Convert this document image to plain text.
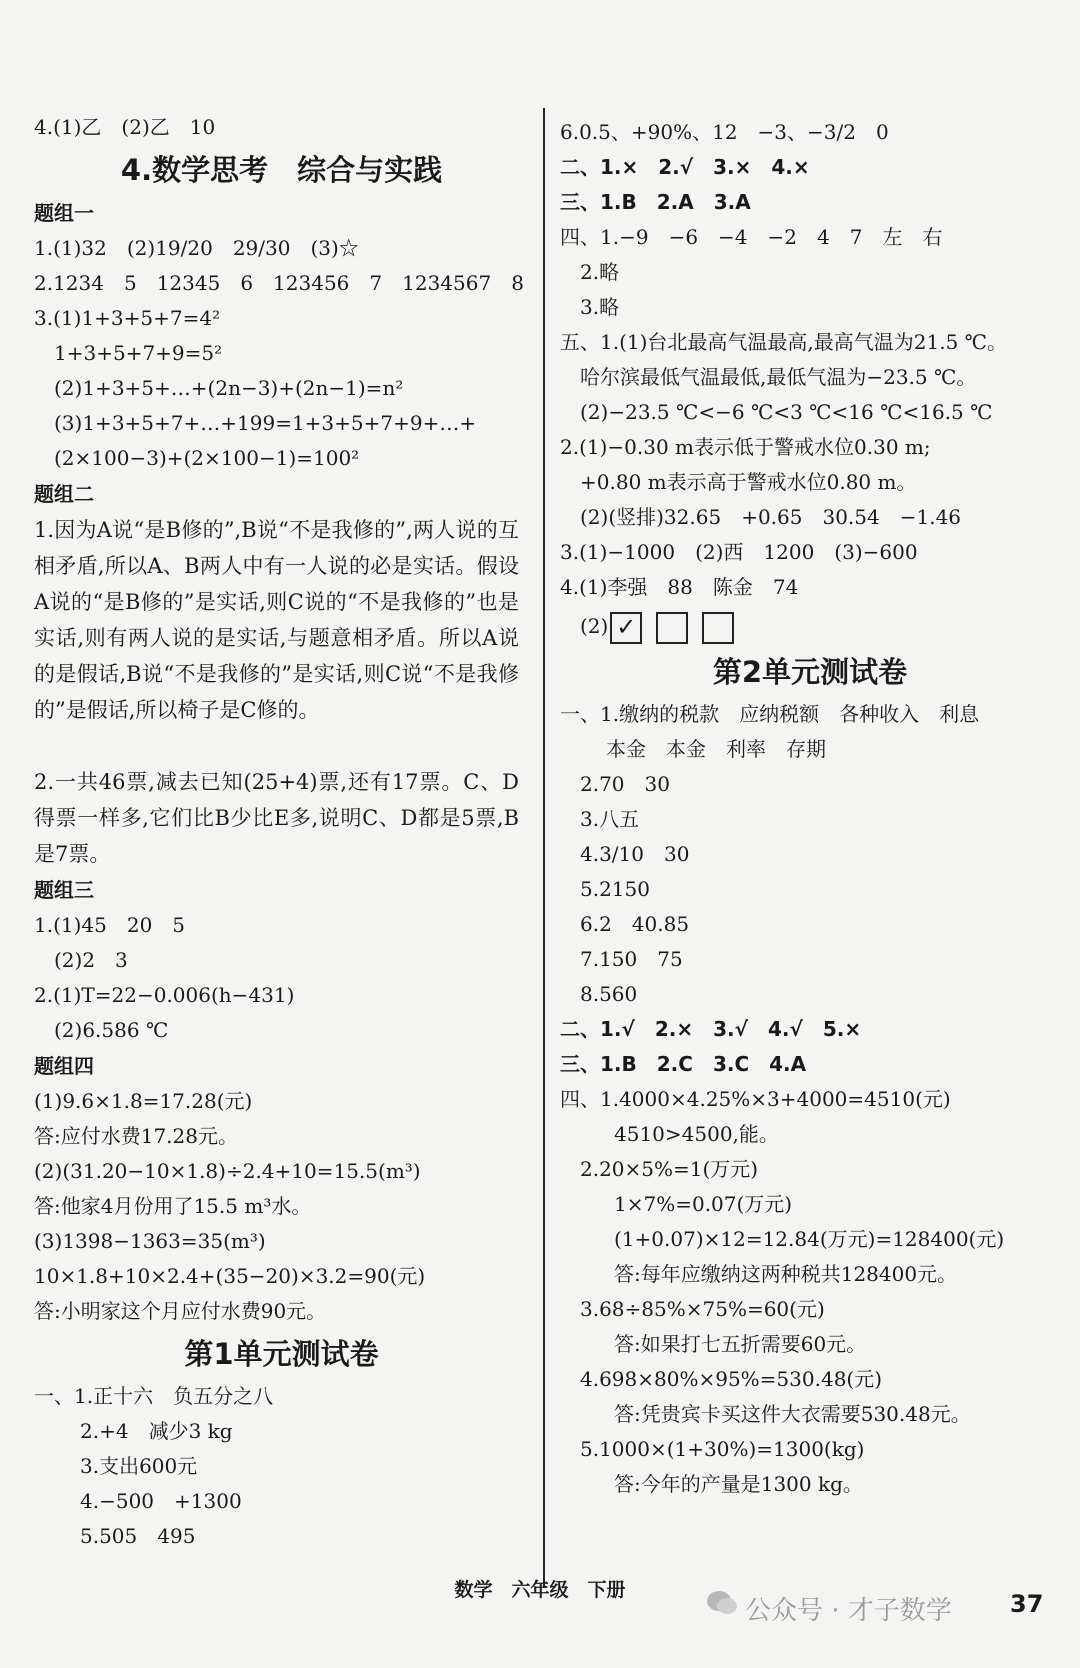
4.(1)乙　(2)乙　10
4.数学思考　综合与实践
题组一
1.(1)32　(2)19/20　29/30　(3)☆
2.1234　5　12345　6　123456　7　1234567　8
3.(1)1+3+5+7=4²
1+3+5+7+9=5²
(2)1+3+5+…+(2n−3)+(2n−1)=n²
(3)1+3+5+7+…+199=1+3+5+7+9+…+
(2×100−3)+(2×100−1)=100²
题组二
1.因为A说“是B修的”,B说“不是我修的”,两人说的互相矛盾,所以A、B两人中有一人说的必是实话。假设A说的“是B修的”是实话,则C说的“不是我修的”也是实话,则有两人说的是实话,与题意相矛盾。所以A说的是假话,B说“不是我修的”是实话,则C说“不是我修的”是假话,所以椅子是C修的。
2.一共46票,减去已知(25+4)票,还有17票。C、D得票一样多,它们比B少比E多,说明C、D都是5票,B是7票。
题组三
1.(1)45　20　5
(2)2　3
2.(1)T=22−0.006(h−431)
(2)6.586 ℃
题组四
(1)9.6×1.8=17.28(元)
答:应付水费17.28元。
(2)(31.20−10×1.8)÷2.4+10=15.5(m³)
答:他家4月份用了15.5 m³水。
(3)1398−1363=35(m³)
10×1.8+10×2.4+(35−20)×3.2=90(元)
答:小明家这个月应付水费90元。
第1单元测试卷
一、1.正十六　负五分之八
2.+4　减少3 kg
3.支出600元
4.−500　+1300
5.505　495
6.0.5、+90%、12　−3、−3/2　0
二、1.×　2.√　3.×　4.×
三、1.B　2.A　3.A
四、1.−9　−6　−4　−2　4　7　左　右
2.略
3.略
五、1.(1)台北最高气温最高,最高气温为21.5 ℃。
哈尔滨最低气温最低,最低气温为−23.5 ℃。
(2)−23.5 ℃<−6 ℃<3 ℃<16 ℃<16.5 ℃
2.(1)−0.30 m表示低于警戒水位0.30 m;
+0.80 m表示高于警戒水位0.80 m。
(2)(竖排)32.65　+0.65　30.54　−1.46
3.(1)−1000　(2)西　1200　(3)−600
4.(1)李强　88　陈金　74
(2) ✓
第2单元测试卷
一、1.缴纳的税款　应纳税额　各种收入　利息
本金　本金　利率　存期
2.70　30
3.八五
4.3/10　30
5.2150
6.2　40.85
7.150　75
8.560
二、1.√　2.×　3.√　4.√　5.×
三、1.B　2.C　3.C　4.A
四、1.4000×4.25%×3+4000=4510(元)
4510>4500,能。
2.20×5%=1(万元)
1×7%=0.07(万元)
(1+0.07)×12=12.84(万元)=128400(元)
答:每年应缴纳这两种税共128400元。
3.68÷85%×75%=60(元)
答:如果打七五折需要60元。
4.698×80%×95%=530.48(元)
答:凭贵宾卡买这件大衣需要530.48元。
5.1000×(1+30%)=1300(kg)
答:今年的产量是1300 kg。
数学　六年级　下册
公众号 · 才子数学 37
